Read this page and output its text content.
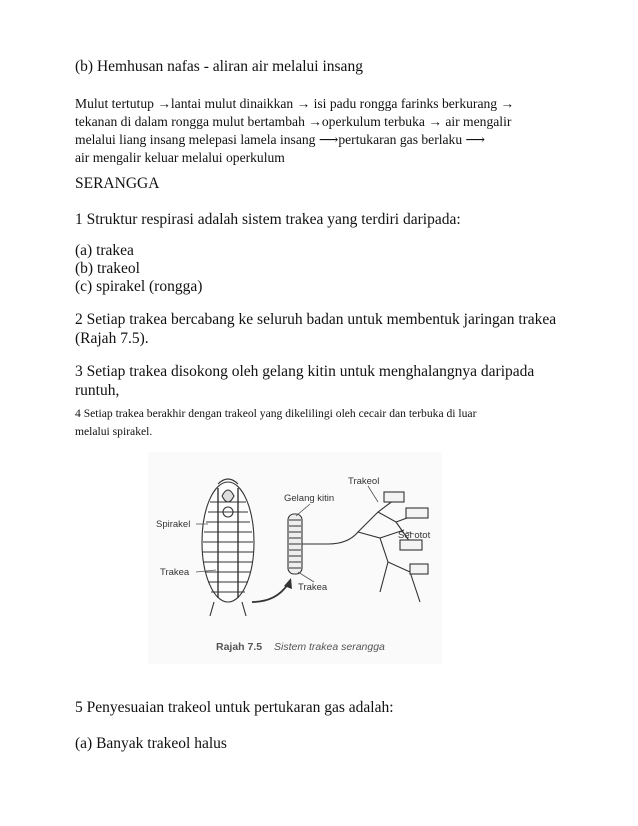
(b) Hemhusan nafas - aliran air melalui insang

Mulut tertutup →lantai mulut dinaikkan → isi padu rongga farinks berkurang →

tekanan di dalam rongga mulut bertambah →operkulum terbuka → air mengalir

melalui liang insang melepasi lamela insang ⟶pertukaran gas berlaku ⟶

air mengalir keluar melalui operkulum

SERANGGA

1 Struktur respirasi adalah sistem trakea yang terdiri daripada:

(a) trakea

(b) trakeol

(c) spirakel (rongga)

2 Setiap trakea bercabang ke seluruh badan untuk membentuk jaringan trakea

(Rajah 7.5).

3 Setiap trakea disokong oleh gelang kitin untuk menghalangnya daripada

runtuh,

4 Setiap trakea berakhir dengan trakeol yang dikelilingi oleh cecair dan terbuka di luar

melalui spirakel.

Spirakel
Trakea
Gelang kitin
Trakeol
Sel otot
Trakea
Rajah 7.5 Sistem trakea serangga

5 Penyesuaian trakeol untuk pertukaran gas adalah:

(a) Banyak trakeol halus
